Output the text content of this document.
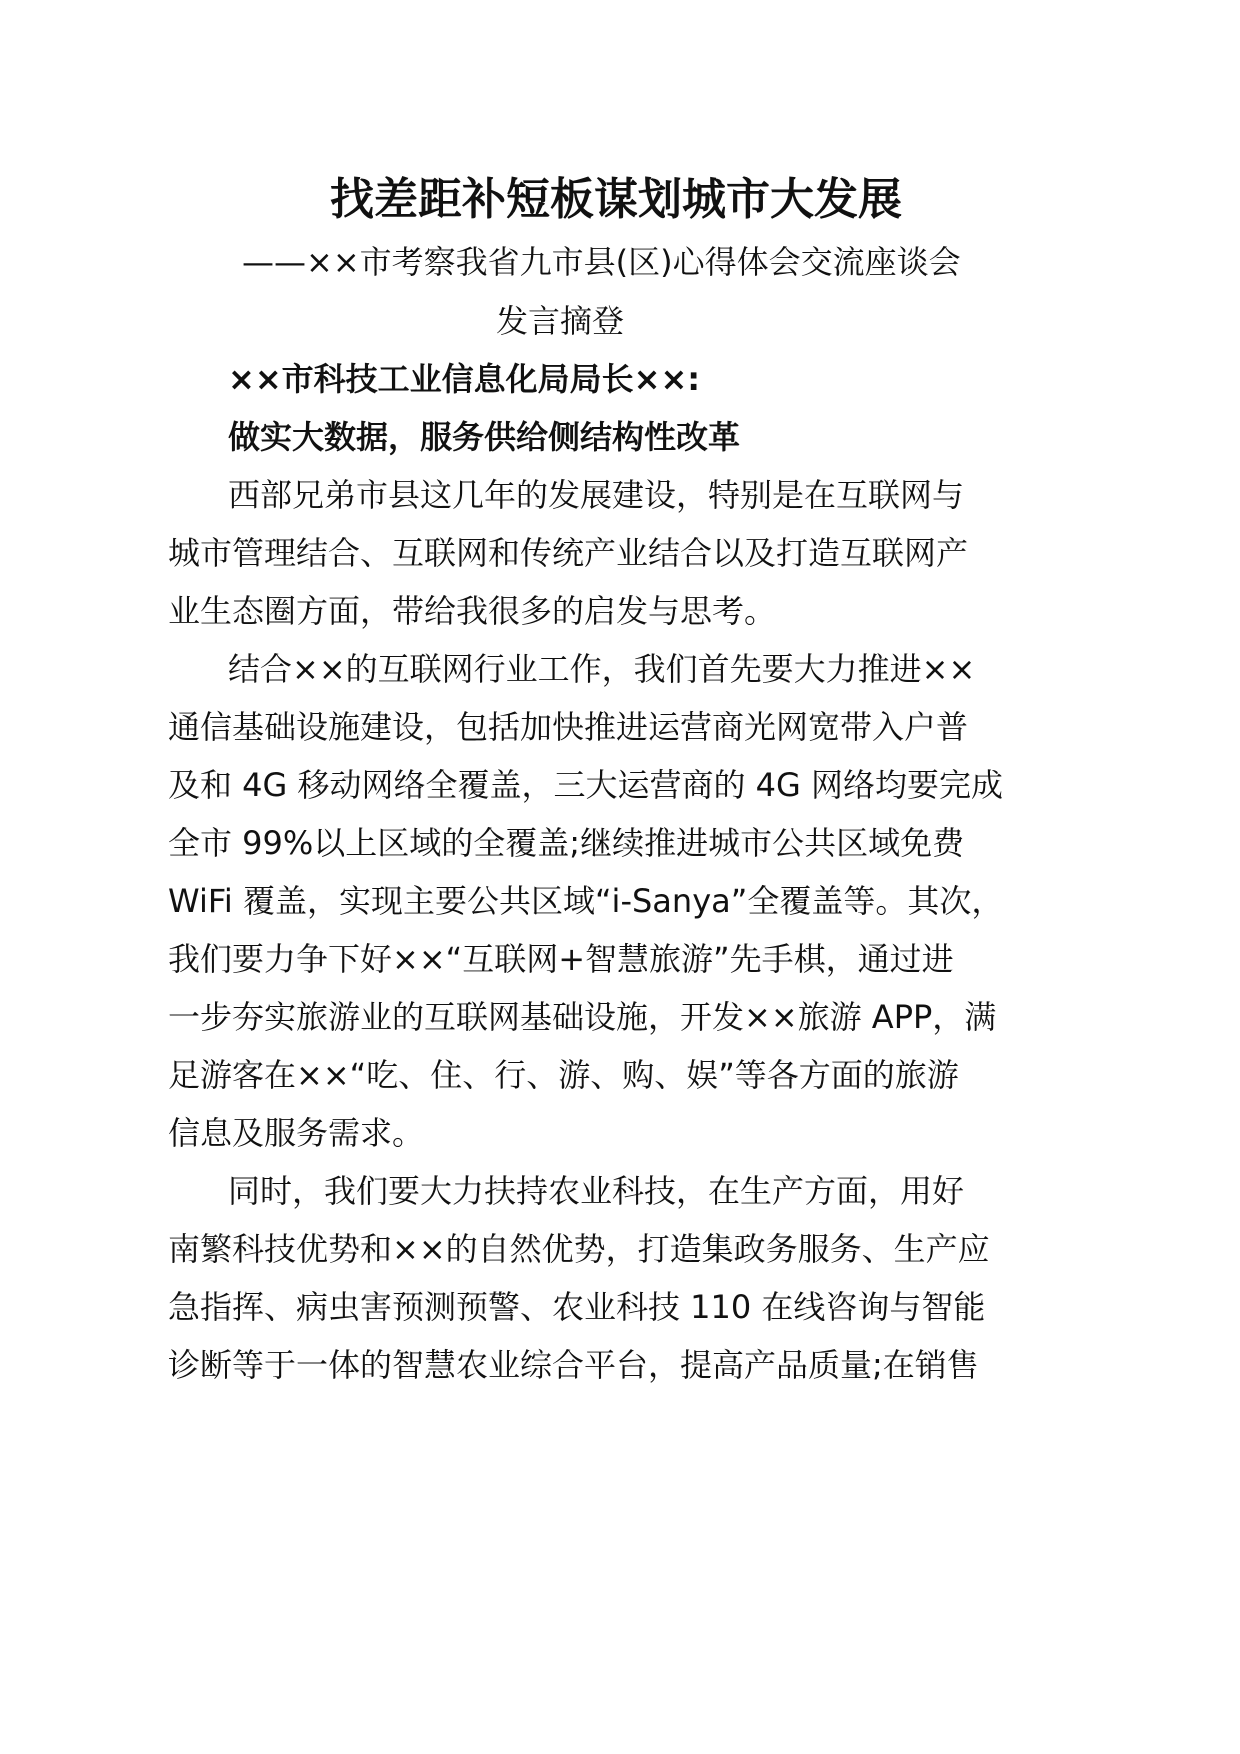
找差距补短板谋划城市大发展
——××市考察我省九市县(区)心得体会交流座谈会
发言摘登
××市科技工业信息化局局长××:
做实大数据，服务供给侧结构性改革
西部兄弟市县这几年的发展建设，特别是在互联网与
城市管理结合、互联网和传统产业结合以及打造互联网产
业生态圈方面，带给我很多的启发与思考。
结合××的互联网行业工作，我们首先要大力推进××
通信基础设施建设，包括加快推进运营商光网宽带入户普
及和 4G 移动网络全覆盖，三大运营商的 4G 网络均要完成
全市 99%以上区域的全覆盖;继续推进城市公共区域免费
WiFi 覆盖，实现主要公共区域“i-Sanya”全覆盖等。其次，
我们要力争下好××“互联网+智慧旅游”先手棋，通过进
一步夯实旅游业的互联网基础设施，开发××旅游 APP，满
足游客在××“吃、住、行、游、购、娱”等各方面的旅游
信息及服务需求。
同时，我们要大力扶持农业科技，在生产方面，用好
南繁科技优势和××的自然优势，打造集政务服务、生产应
急指挥、病虫害预测预警、农业科技 110 在线咨询与智能
诊断等于一体的智慧农业综合平台，提高产品质量;在销售
